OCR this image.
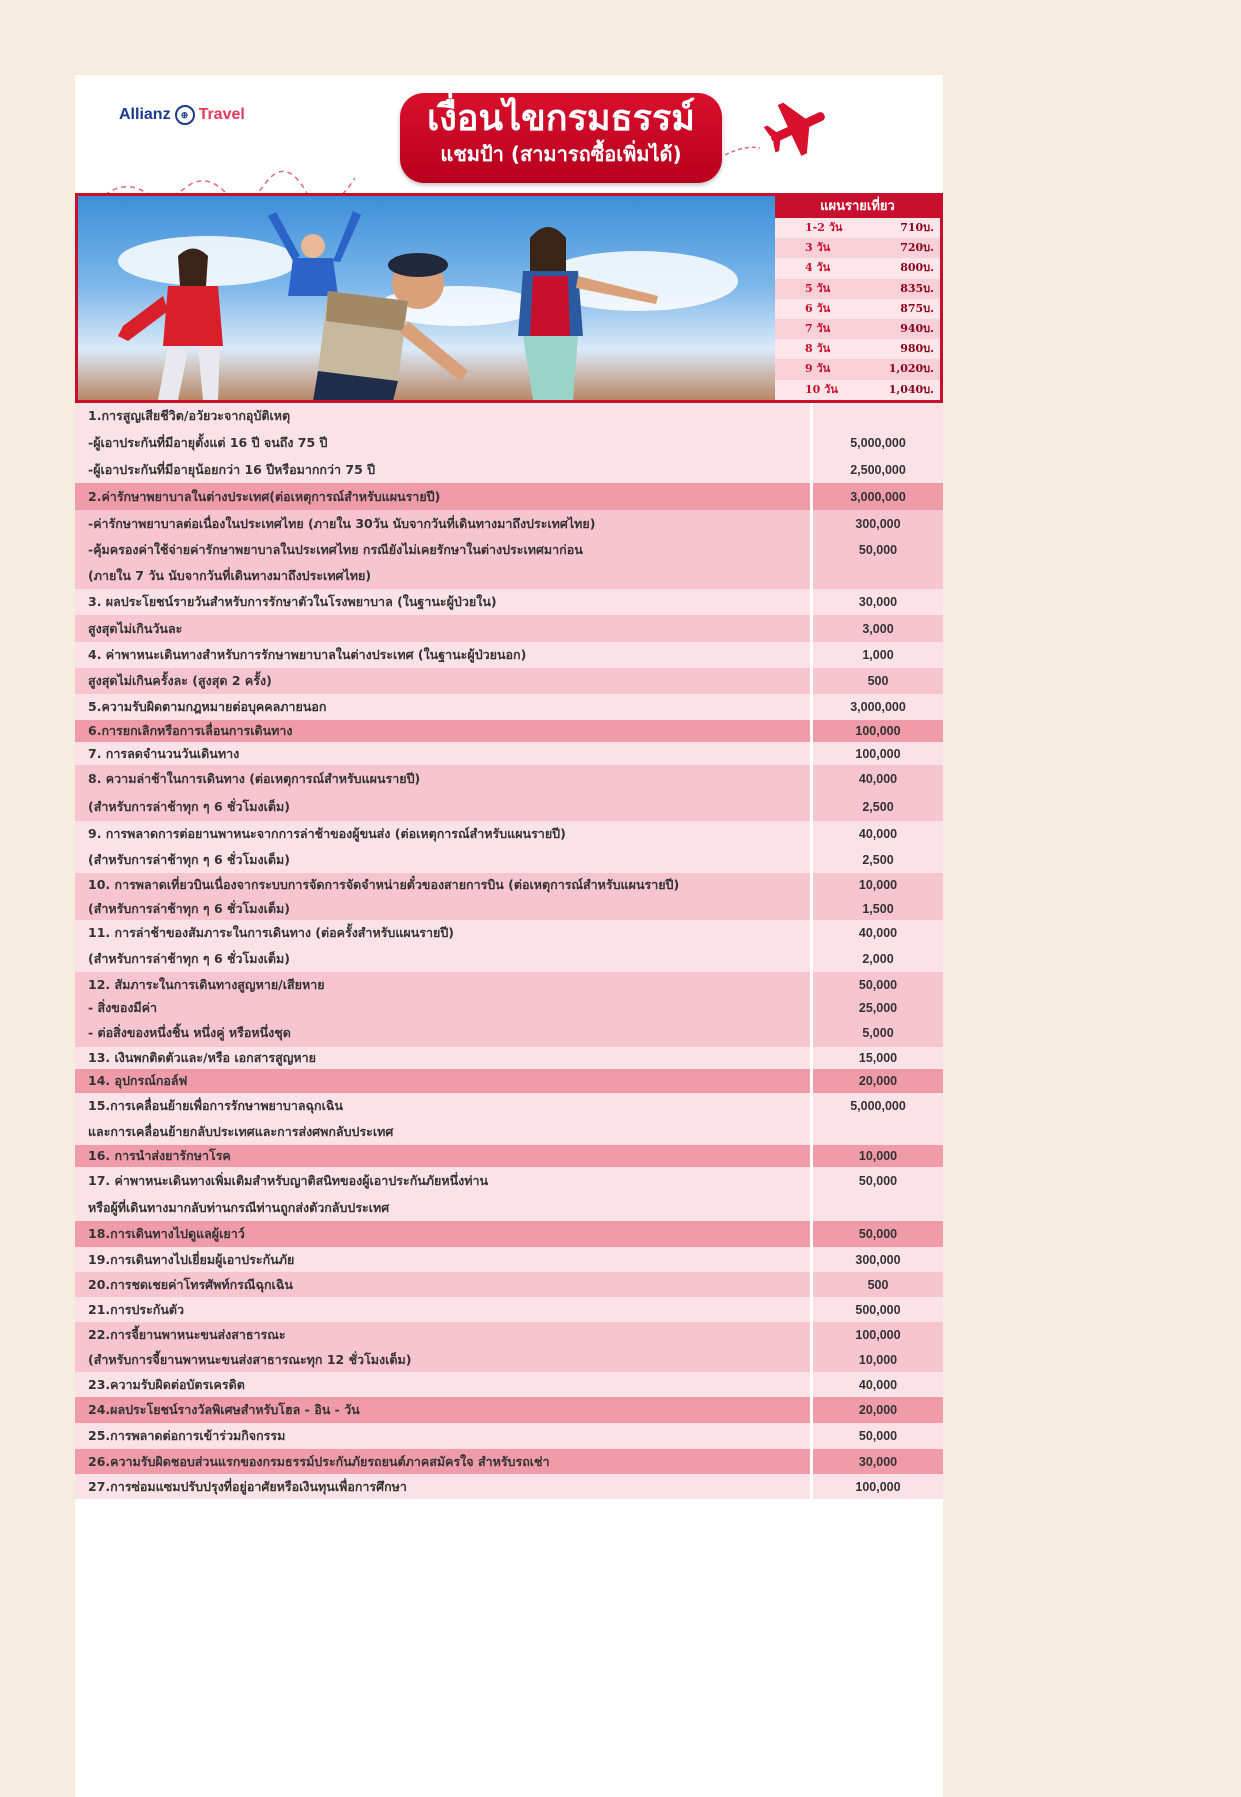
Allianz	⊕ Travel	เงื่อนไขกรมธรรม์
แชมป้า (สามารถซื้อเพิ่มได้)
แผนรายเที่ยว
1-2 วัน	710บ.
3 วัน	720บ.
4 วัน	800บ.
5 วัน	835บ.
6 วัน	875บ.
7 วัน	940บ.
8 วัน	980บ.
9 วัน	1,020บ.
10 วัน	1,040บ.
1.การสูญเสียชีวิต/อวัยวะจากอุบัติเหตุ
-ผู้เอาประกันที่มีอายุตั้งแต่ 16 ปี จนถึง 75 ปี	5,000,000
-ผู้เอาประกันที่มีอายุน้อยกว่า 16 ปีหรือมากกว่า 75 ปี	2,500,000
2.ค่ารักษาพยาบาลในต่างประเทศ(ต่อเหตุการณ์สำหรับแผนรายปี)	3,000,000
-ค่ารักษาพยาบาลต่อเนื่องในประเทศไทย (ภายใน 30วัน นับจากวันที่เดินทางมาถึงประเทศไทย)	300,000
-คุ้มครองค่าใช้จ่ายค่ารักษาพยาบาลในประเทศไทย กรณียังไม่เคยรักษาในต่างประเทศมาก่อน	50,000
(ภายใน 7 วัน นับจากวันที่เดินทางมาถึงประเทศไทย)
3. ผลประโยชน์รายวันสำหรับการรักษาตัวในโรงพยาบาล (ในฐานะผู้ป่วยใน)	30,000
สูงสุดไม่เกินวันละ	3,000
4. ค่าพาหนะเดินทางสำหรับการรักษาพยาบาลในต่างประเทศ (ในฐานะผู้ป่วยนอก)	1,000
สูงสุดไม่เกินครั้งละ (สูงสุด 2 ครั้ง)	500
5.ความรับผิดตามกฎหมายต่อบุคคลภายนอก	3,000,000
6.การยกเลิกหรือการเลื่อนการเดินทาง	100,000
7. การลดจำนวนวันเดินทาง	100,000
8. ความล่าช้าในการเดินทาง (ต่อเหตุการณ์สำหรับแผนรายปี)	40,000
(สำหรับการล่าช้าทุก ๆ 6 ชั่วโมงเต็ม)	2,500
9. การพลาดการต่อยานพาหนะจากการล่าช้าของผู้ขนส่ง (ต่อเหตุการณ์สำหรับแผนรายปี)	40,000
(สำหรับการล่าช้าทุก ๆ 6 ชั่วโมงเต็ม)	2,500
10. การพลาดเที่ยวบินเนื่องจากระบบการจัดการจัดจำหน่ายตั๋วของสายการบิน (ต่อเหตุการณ์สำหรับแผนรายปี)	10,000
(สำหรับการล่าช้าทุก ๆ 6 ชั่วโมงเต็ม)	1,500
11. การล่าช้าของสัมภาระในการเดินทาง (ต่อครั้งสำหรับแผนรายปี)	40,000
(สำหรับการล่าช้าทุก ๆ 6 ชั่วโมงเต็ม)	2,000
12. สัมภาระในการเดินทางสูญหาย/เสียหาย	50,000
- สิ่งของมีค่า	25,000
- ต่อสิ่งของหนึ่งชิ้น หนึ่งคู่ หรือหนึ่งชุด	5,000
13. เงินพกติดตัวและ/หรือ เอกสารสูญหาย	15,000
14. อุปกรณ์กอล์ฟ	20,000
15.การเคลื่อนย้ายเพื่อการรักษาพยาบาลฉุกเฉิน	5,000,000
และการเคลื่อนย้ายกลับประเทศและการส่งศพกลับประเทศ
16. การนำส่งยารักษาโรค	10,000
17. ค่าพาหนะเดินทางเพิ่มเติมสำหรับญาติสนิทของผู้เอาประกันภัยหนึ่งท่าน	50,000
หรือผู้ที่เดินทางมากลับท่านกรณีท่านถูกส่งตัวกลับประเทศ
18.การเดินทางไปดูแลผู้เยาว์	50,000
19.การเดินทางไปเยี่ยมผู้เอาประกันภัย	300,000
20.การชดเชยค่าโทรศัพท์กรณีฉุกเฉิน	500
21.การประกันตัว	500,000
22.การจี้ยานพาหนะขนส่งสาธารณะ	100,000
(สำหรับการจี้ยานพาหนะขนส่งสาธารณะทุก 12 ชั่วโมงเต็ม)	10,000
23.ความรับผิดต่อบัตรเครดิต	40,000
24.ผลประโยชน์รางวัลพิเศษสำหรับโฮล - อิน - วัน	20,000
25.การพลาดต่อการเข้าร่วมกิจกรรม	50,000
26.ความรับผิดชอบส่วนแรกของกรมธรรม์ประกันภัยรถยนต์ภาคสมัครใจ สำหรับรถเช่า	30,000
27.การซ่อมแซมปรับปรุงที่อยู่อาศัยหรือเงินทุนเพื่อการศึกษา	100,000
